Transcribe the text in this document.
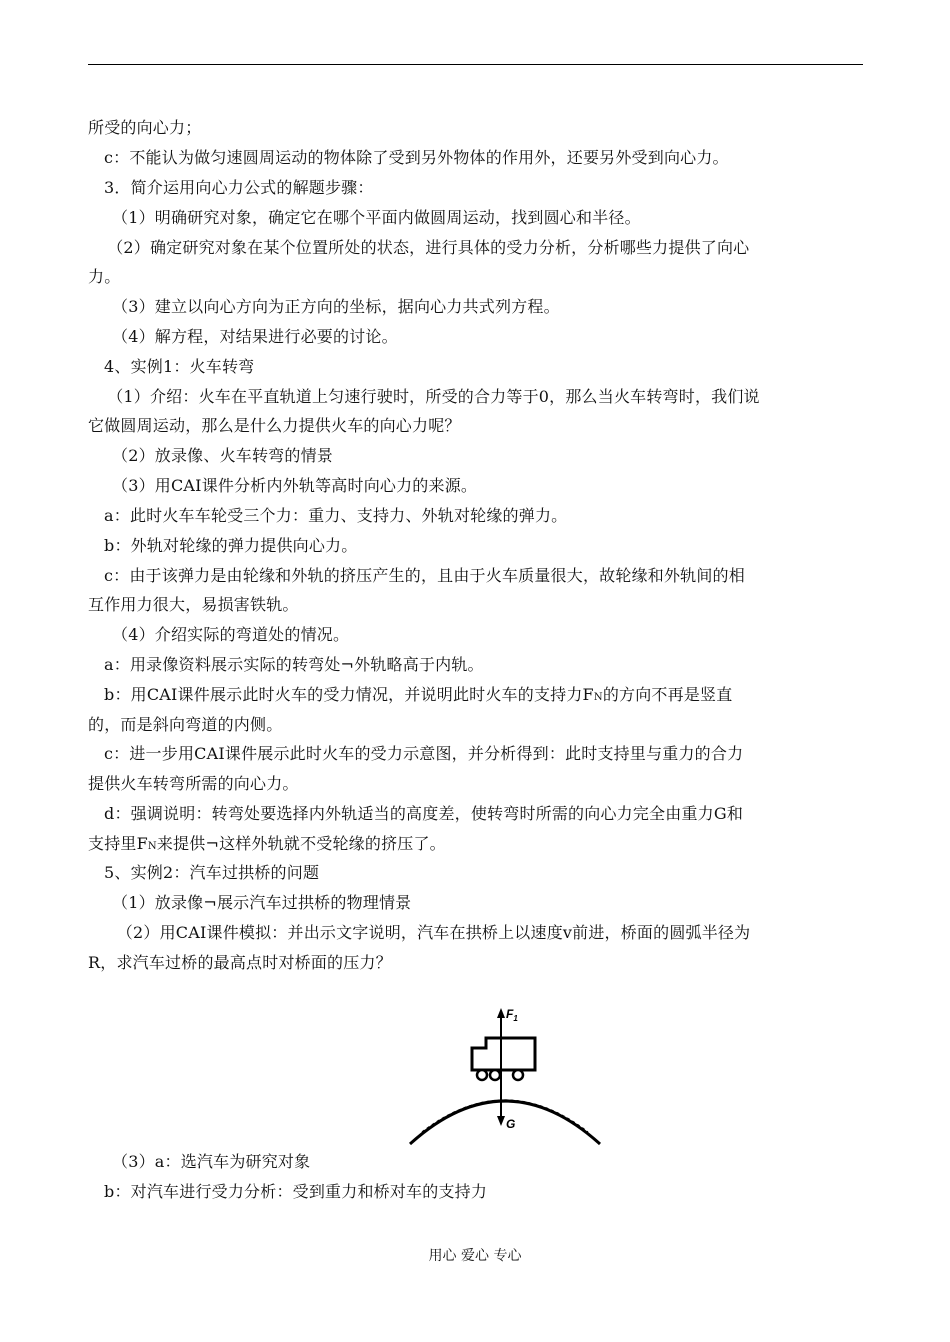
所受的向心力；
c：不能认为做匀速圆周运动的物体除了受到另外物体的作用外，还要另外受到向心力。
3．简介运用向心力公式的解题步骤：
（1）明确研究对象，确定它在哪个平面内做圆周运动，找到圆心和半径。
（2）确定研究对象在某个位置所处的状态，进行具体的受力分析，分析哪些力提供了向心
力。
（3）建立以向心方向为正方向的坐标，据向心力共式列方程。
（4）解方程，对结果进行必要的讨论。
4、实例1：火车转弯
（1）介绍：火车在平直轨道上匀速行驶时，所受的合力等于0，那么当火车转弯时，我们说
它做圆周运动，那么是什么力提供火车的向心力呢？
（2）放录像、火车转弯的情景
（3）用CAI课件分析内外轨等高时向心力的来源。
a：此时火车车轮受三个力：重力、支持力、外轨对轮缘的弹力。
b：外轨对轮缘的弹力提供向心力。
c：由于该弹力是由轮缘和外轨的挤压产生的，且由于火车质量很大，故轮缘和外轨间的相
互作用力很大，易损害铁轨。
（4）介绍实际的弯道处的情况。
a：用录像资料展示实际的转弯处¬外轨略高于内轨。
b：用CAI课件展示此时火车的受力情况，并说明此时火车的支持力FN的方向不再是竖直
的，而是斜向弯道的内侧。
c：进一步用CAI课件展示此时火车的受力示意图，并分析得到：此时支持里与重力的合力
提供火车转弯所需的向心力。
d：强调说明：转弯处要选择内外轨适当的高度差，使转弯时所需的向心力完全由重力G和
支持里FN来提供¬这样外轨就不受轮缘的挤压了。
5、实例2：汽车过拱桥的问题
（1）放录像¬展示汽车过拱桥的物理情景
（2）用CAI课件模拟：并出示文字说明，汽车在拱桥上以速度v前进，桥面的圆弧半径为
R，求汽车过桥的最高点时对桥面的压力？
（3）a：选汽车为研究对象
b：对汽车进行受力分析：受到重力和桥对车的支持力
$F_1$
G
用心 爱心 专心
